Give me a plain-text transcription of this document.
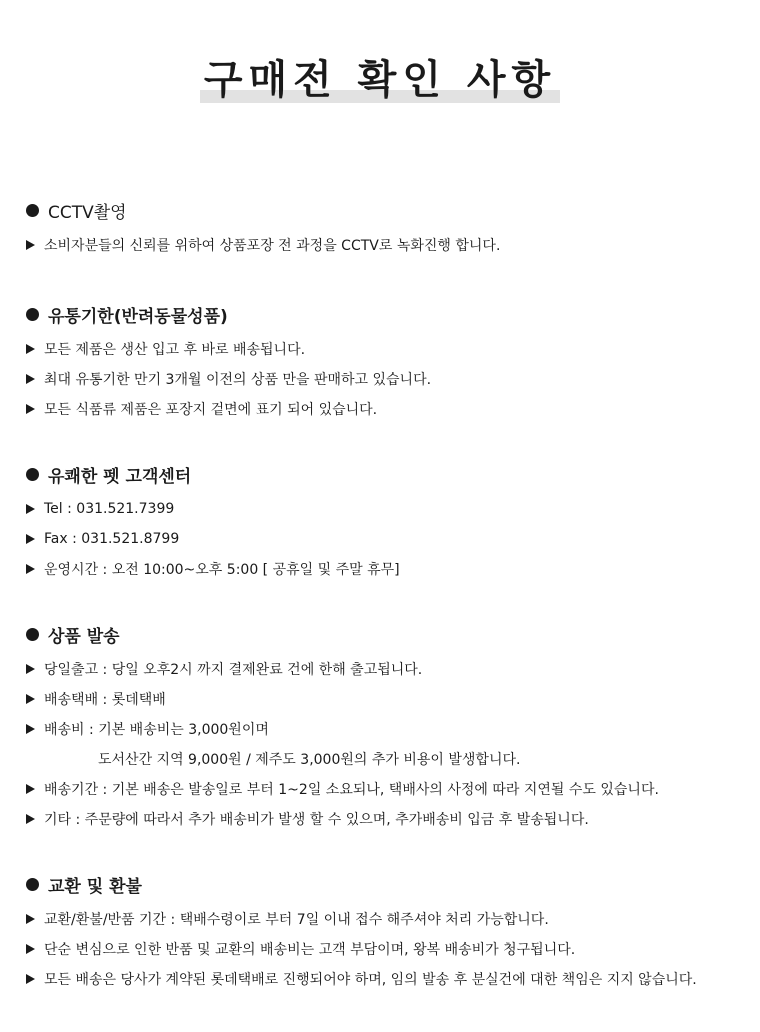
구매전 확인 사항
CCTV촬영
소비자분들의 신뢰를 위하여 상품포장 전 과정을 CCTV로 녹화진행 합니다.
유통기한(반려동물성품)
모든 제품은 생산 입고 후 바로 배송됩니다.
최대 유통기한 만기 3개월 이전의 상품 만을 판매하고 있습니다.
모든 식품류 제품은 포장지 겉면에 표기 되어 있습니다.
유쾌한 펫 고객센터
Tel : 031.521.7399
Fax : 031.521.8799
운영시간 : 오전 10:00~오후 5:00 [ 공휴일 및 주말 휴무]
상품 발송
당일출고 : 당일 오후2시 까지 결제완료 건에 한해 출고됩니다.
배송택배 : 롯데택배
배송비 : 기본 배송비는 3,000원이며
도서산간 지역 9,000원 / 제주도 3,000원의 추가 비용이 발생합니다.
배송기간 : 기본 배송은 발송일로 부터 1~2일 소요되나, 택배사의 사정에 따라 지연될 수도 있습니다.
기타 : 주문량에 따라서 추가 배송비가 발생 할 수 있으며, 추가배송비 입금 후 발송됩니다.
교환 및 환불
교환/환불/반품 기간 : 택배수령이로 부터 7일 이내 접수 해주셔야 처리 가능합니다.
단순 변심으로 인한 반품 및 교환의 배송비는 고객 부담이며, 왕복 배송비가 청구됩니다.
모든 배송은 당사가 계약된 롯데택배로 진행되어야 하며, 임의 발송 후 분실건에 대한 책임은 지지 않습니다.
